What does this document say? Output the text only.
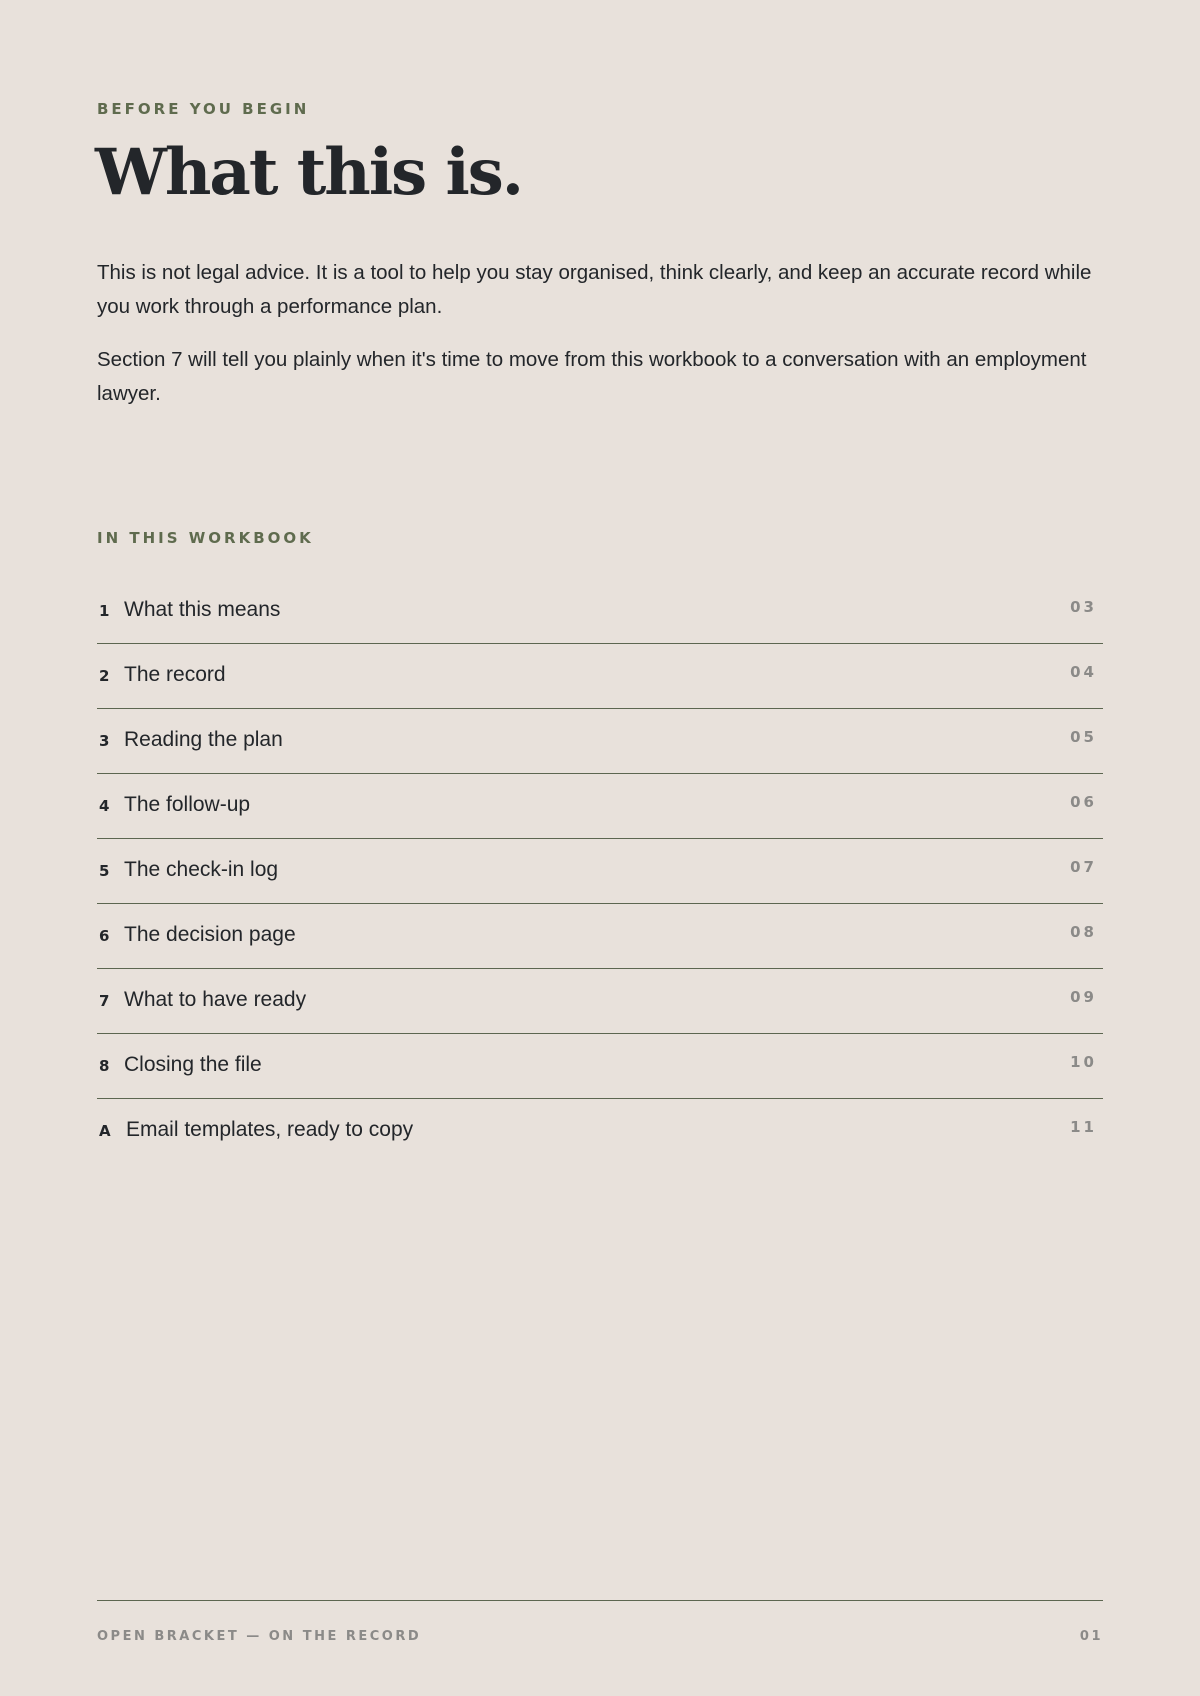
BEFORE YOU BEGIN
What this is.

This is not legal advice. It is a tool to help you stay organised, think clearly, and keep an accurate record while you work through a performance plan.

Section 7 will tell you plainly when it's time to move from this workbook to a conversation with an employment lawyer.

IN THIS WORKBOOK
1 What this means	03
2 The record	04
3 Reading the plan	05
4 The follow-up	06
5 The check-in log	07
6 The decision page	08
7 What to have ready	09
8 Closing the file	10
A Email templates, ready to copy	11
OPEN BRACKET — ON THE RECORD	01
